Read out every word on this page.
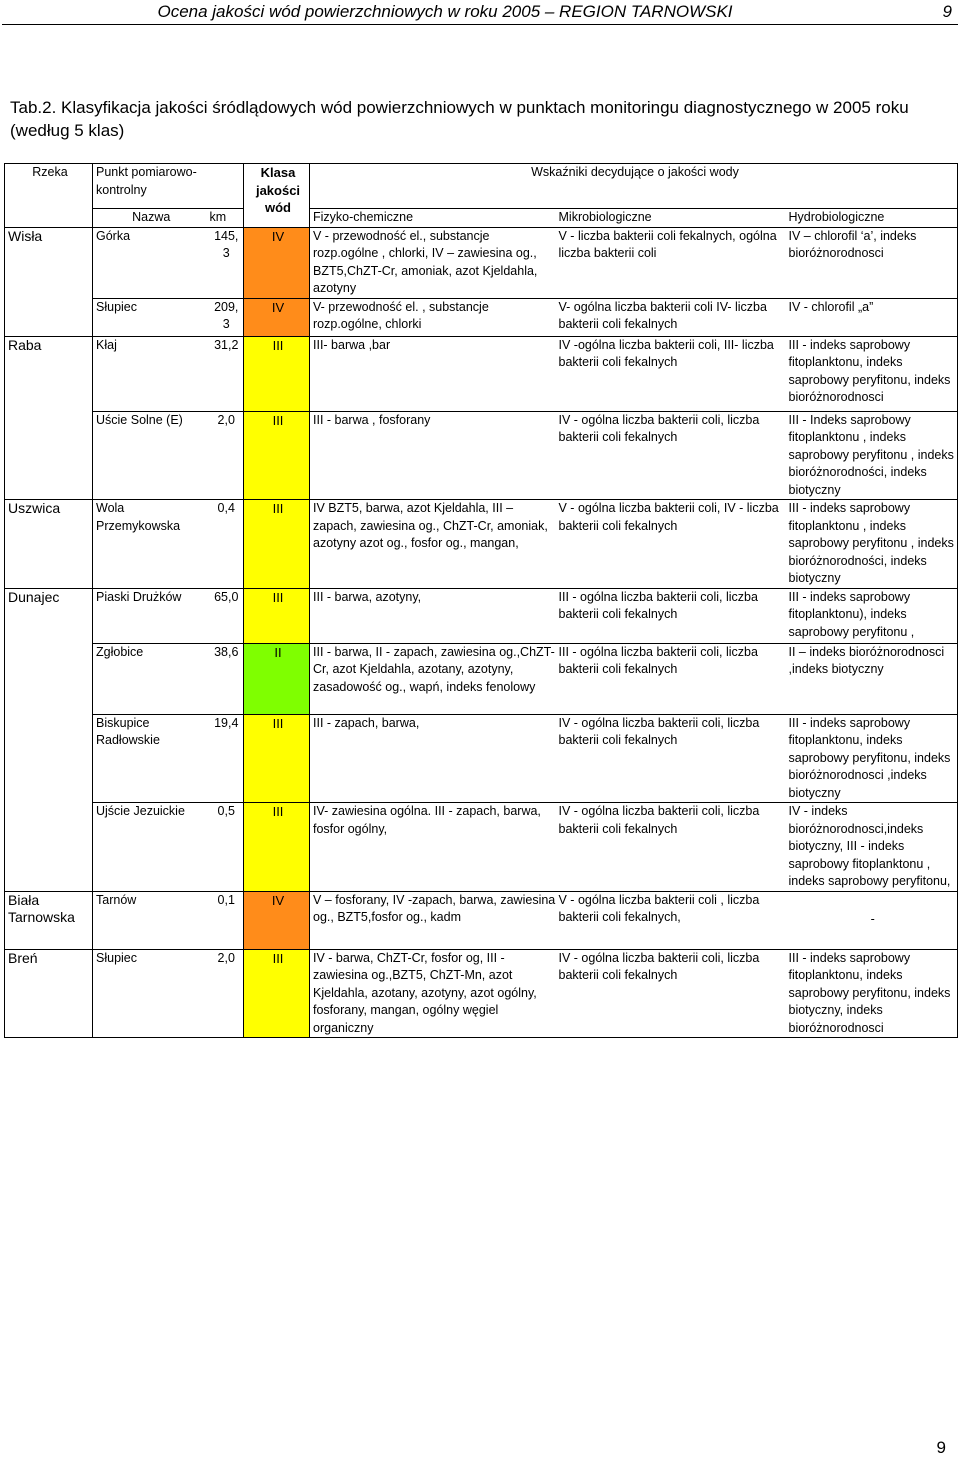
Ocena jakości wód powierzchniowych w roku 2005 – REGION TARNOWSKI	9
Tab.2. Klasyfikacja jakości śródlądowych wód powierzchniowych w punktach monitoringu diagnostycznego w 2005 roku (według 5 klas)
Rzeka	Punkt pomiarowo-kontrolny		Klasa jakości wód	Wskaźniki decydujące o jakości wody		
	Nazwa	km		Fizyko-chemiczne	Mikrobiologiczne	Hydrobiologiczne
Wisła	Górka	145, 3	IV	V - przewodność el., substancje rozp.ogólne , chlorki, IV – zawiesina og., BZT5,ChZT-Cr, amoniak, azot Kjeldahla, azotyny	V - liczba bakterii coli fekalnych, ogólna liczba bakterii coli	IV – chlorofil ‘a’, indeks bioróżnorodnosci
	Słupiec	209, 3	IV	V- przewodność el. , substancje rozp.ogólne, chlorki	V- ogólna liczba bakterii coli IV- liczba bakterii coli fekalnych	IV - chlorofil „a”
Raba	Kłaj	31,2	III	III- barwa ,bar	IV -ogólna liczba bakterii coli, III- liczba bakterii coli fekalnych	III - indeks saprobowy fitoplanktonu, indeks saprobowy peryfitonu, indeks bioróżnorodnosci
	Uście Solne (E)	2,0	III	III - barwa , fosforany	IV - ogólna liczba bakterii coli, liczba bakterii coli fekalnych	III - Indeks saprobowy fitoplanktonu , indeks saprobowy peryfitonu , indeks bioróżnorodności, indeks biotyczny
Uszwica	Wola Przemykowska	0,4	III	IV BZT5, barwa, azot Kjeldahla, III – zapach, zawiesina og., ChZT-Cr, amoniak, azotyny azot og., fosfor og., mangan,	V - ogólna liczba bakterii coli, IV - liczba bakterii coli fekalnych	III - indeks saprobowy fitoplanktonu , indeks saprobowy peryfitonu , indeks bioróżnorodności, indeks biotyczny
Dunajec	Piaski Drużków	65,0	III	III - barwa, azotyny,	III - ogólna liczba bakterii coli, liczba bakterii coli fekalnych	III - indeks saprobowy fitoplanktonu), indeks saprobowy peryfitonu ,
	Zgłobice	38,6	II	III - barwa, II - zapach, zawiesina og.,ChZT-Cr, azot Kjeldahla, azotany, azotyny, zasadowość og., wapń, indeks fenolowy	III - ogólna liczba bakterii coli, liczba bakterii coli fekalnych	II – indeks bioróżnorodnosci ,indeks biotyczny
	Biskupice Radłowskie	19,4	III	III - zapach, barwa,	IV - ogólna liczba bakterii coli, liczba bakterii coli fekalnych	III - indeks saprobowy fitoplanktonu, indeks saprobowy peryfitonu, indeks bioróżnorodnosci ,indeks biotyczny
	Ujście Jezuickie	0,5	III	IV- zawiesina ogólna. III - zapach, barwa, fosfor ogólny,	IV - ogólna liczba bakterii coli, liczba bakterii coli fekalnych	IV - indeks bioróżnorodnosci,indeks biotyczny, III - indeks saprobowy fitoplanktonu , indeks saprobowy peryfitonu,
Biała Tarnowska	Tarnów	0,1	IV	V – fosforany, IV -zapach, barwa, zawiesina og., BZT5,fosfor og., kadm	V - ogólna liczba bakterii coli , liczba bakterii coli fekalnych,	-
Breń	Słupiec	2,0	III	IV - barwa, ChZT-Cr, fosfor og, III - zawiesina og.,BZT5, ChZT-Mn, azot Kjeldahla, azotany, azotyny, azot ogólny, fosforany, mangan, ogólny węgiel organiczny	IV - ogólna liczba bakterii coli, liczba bakterii coli fekalnych	III - indeks saprobowy fitoplanktonu, indeks saprobowy peryfitonu, indeks biotyczny, indeks bioróżnorodnosci
9
